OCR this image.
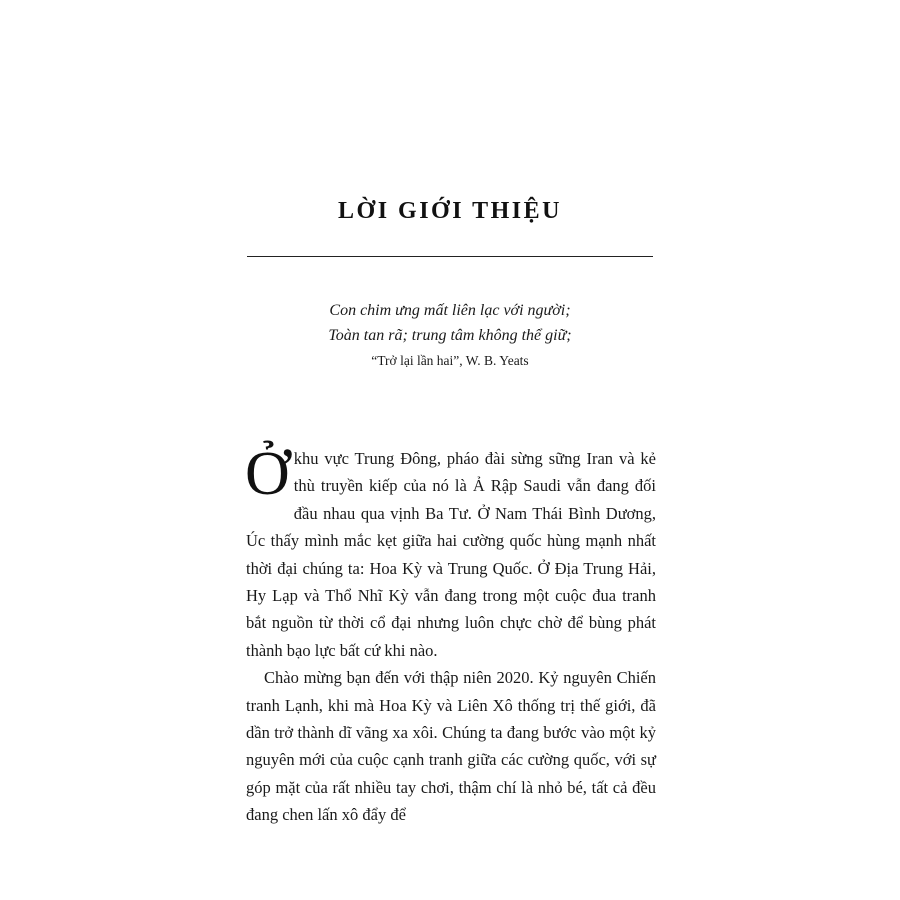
LỜI GIỚI THIỆU
Con chim ưng mất liên lạc với người;
Toàn tan rã; trung tâm không thể giữ;
“Trở lại lần hai”, W. B. Yeats

Ởkhu vực Trung Đông, pháo đài sừng sững Iran và kẻ thù truyền kiếp của nó là Ả Rập Saudi vẫn đang đối đầu nhau qua vịnh Ba Tư. Ở Nam Thái Bình Dương, Úc thấy mình mắc kẹt giữa hai cường quốc hùng mạnh nhất thời đại chúng ta: Hoa Kỳ và Trung Quốc. Ở Địa Trung Hải, Hy Lạp và Thổ Nhĩ Kỳ vẫn đang trong một cuộc đua tranh bắt nguồn từ thời cổ đại nhưng luôn chực chờ để bùng phát thành bạo lực bất cứ khi nào.

Chào mừng bạn đến với thập niên 2020. Kỷ nguyên Chiến tranh Lạnh, khi mà Hoa Kỳ và Liên Xô thống trị thế giới, đã dần trở thành dĩ vãng xa xôi. Chúng ta đang bước vào một kỷ nguyên mới của cuộc cạnh tranh giữa các cường quốc, với sự góp mặt của rất nhiều tay chơi, thậm chí là nhỏ bé, tất cả đều đang chen lấn xô đẩy để
